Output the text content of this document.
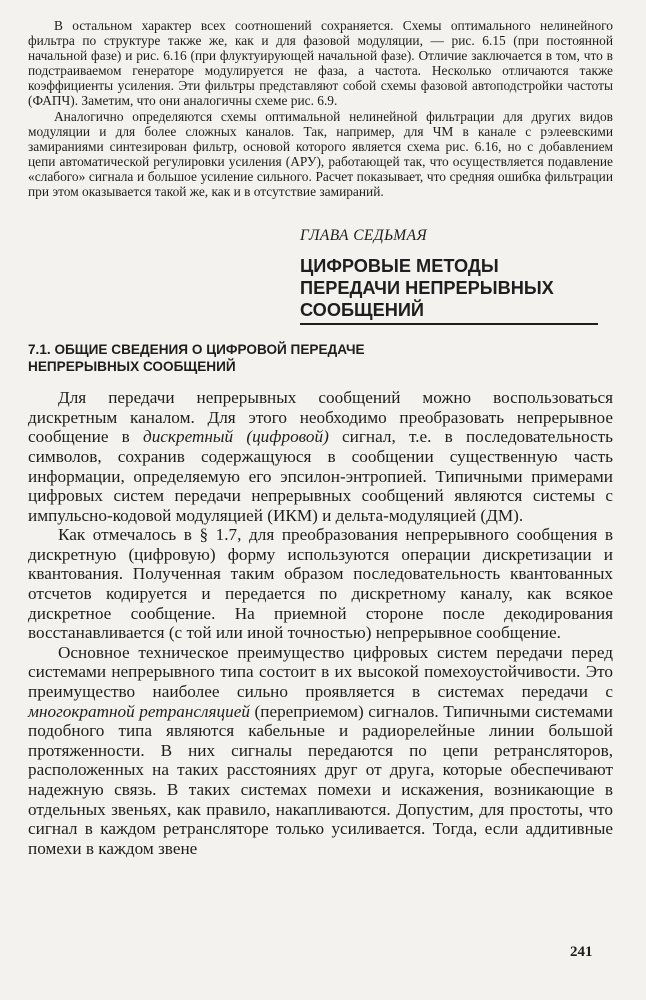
В остальном характер всех соотношений сохраняется. Схемы оптимального нелинейного фильтра по структуре также же, как и для фазовой модуляции, — рис. 6.15 (при постоянной начальной фазе) и рис. 6.16 (при флуктуирующей начальной фазе). Отличие заключается в том, что в подстраиваемом генераторе модулируется не фаза, а частота. Несколько отличаются также коэффициенты усиления. Эти фильтры представляют собой схемы фазовой автоподстройки частоты (ФАПЧ). Заметим, что они аналогичны схеме рис. 6.9.

Аналогично определяются схемы оптимальной нелинейной фильтрации для других видов модуляции и для более сложных каналов. Так, например, для ЧМ в канале с рэлеевскими замираниями синтезирован фильтр, основой которого является схема рис. 6.16, но с добавлением цепи автоматической регулировки усиления (АРУ), работающей так, что осуществляется подавление «слабого» сигнала и большое усиление сильного. Расчет показывает, что средняя ошибка фильтрации при этом оказывается такой же, как и в отсутствие замираний.

ГЛАВА СЕДЬМАЯ
ЦИФРОВЫЕ МЕТОДЫ
ПЕРЕДАЧИ НЕПРЕРЫВНЫХ
СООБЩЕНИЙ
7.1. ОБЩИЕ СВЕДЕНИЯ О ЦИФРОВОЙ ПЕРЕДАЧЕ
НЕПРЕРЫВНЫХ СООБЩЕНИЙ

Для передачи непрерывных сообщений можно воспользоваться дискретным каналом. Для этого необходимо преобразовать непрерывное сообщение в дискретный (цифровой) сигнал, т.е. в последовательность символов, сохранив содержащуюся в сообщении существенную часть информации, определяемую его эпсилон-энтропией. Типичными примерами цифровых систем передачи непрерывных сообщений являются системы с импульсно-кодовой модуляцией (ИКМ) и дельта-модуляцией (ДМ).

Как отмечалось в § 1.7, для преобразования непрерывного сообщения в дискретную (цифровую) форму используются операции дискретизации и квантования. Полученная таким образом последовательность квантованных отсчетов кодируется и передается по дискретному каналу, как всякое дискретное сообщение. На приемной стороне после декодирования восстанавливается (с той или иной точностью) непрерывное сообщение.

Основное техническое преимущество цифровых систем передачи перед системами непрерывного типа состоит в их высокой помехоустойчивости. Это преимущество наиболее сильно проявляется в системах передачи с многократной ретрансляцией (переприемом) сигналов. Типичными системами подобного типа являются кабельные и радиорелейные линии большой протяженности. В них сигналы передаются по цепи ретрансляторов, расположенных на таких расстояниях друг от друга, которые обеспечивают надежную связь. В таких системах помехи и искажения, возникающие в отдельных звеньях, как правило, накапливаются. Допустим, для простоты, что сигнал в каждом ретрансляторе только усиливается. Тогда, если аддитивные помехи в каждом звене

241
